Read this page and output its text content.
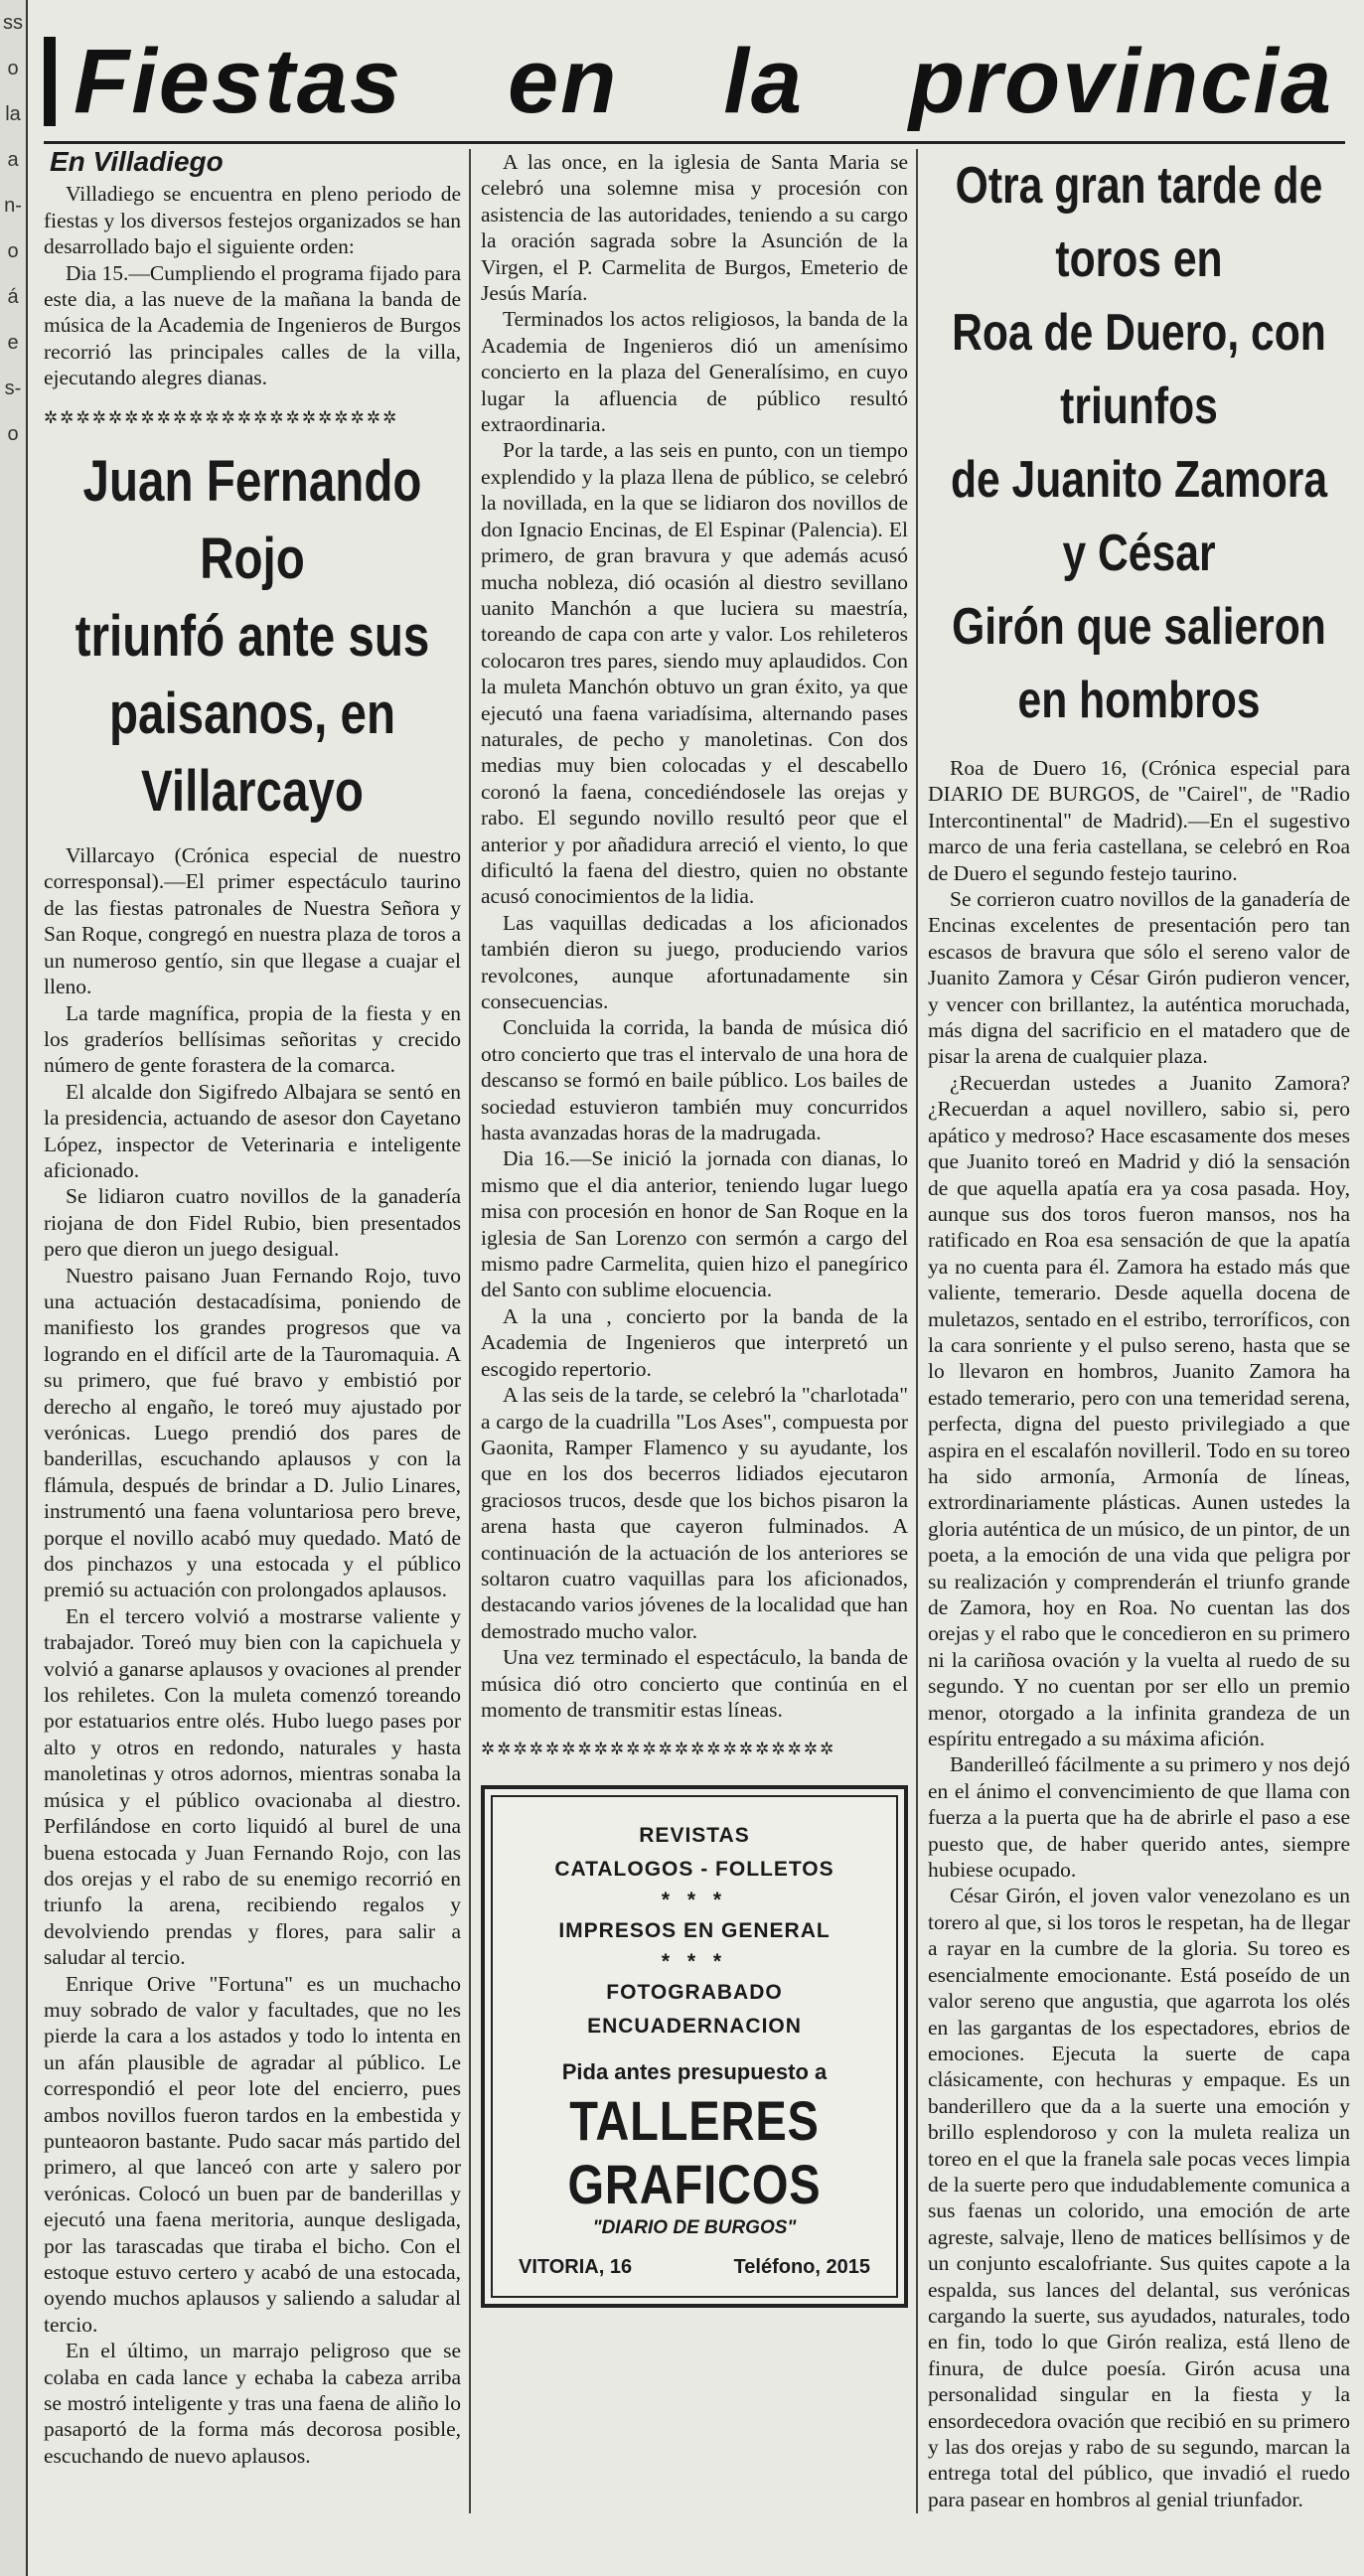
ss
o
la
a
n-
o
á
e
s-
o
Fiestas en la provincia
En Villadiego

Villadiego se encuentra en pleno periodo de fiestas y los diversos festejos organizados se han desarrollado bajo el siguiente orden:

Dia 15.—Cumpliendo el programa fijado para este dia, a las nueve de la mañana la banda de música de la Academia de Ingenieros de Burgos recorrió las principales calles de la villa, ejecutando alegres dianas.

✲✲✲✲✲✲✲✲✲✲✲✲✲✲✲✲✲✲✲✲✲✲
Juan Fernando Rojo
triunfó ante sus
paisanos, en Villarcayo

Villarcayo (Crónica especial de nuestro corresponsal).—El primer espectáculo taurino de las fiestas patronales de Nuestra Señora y San Roque, congregó en nuestra plaza de toros a un numeroso gentío, sin que llegase a cuajar el lleno.

La tarde magnífica, propia de la fiesta y en los graderíos bellísimas señoritas y crecido número de gente forastera de la comarca.

El alcalde don Sigifredo Albajara se sentó en la presidencia, actuando de asesor don Cayetano López, inspector de Veterinaria e inteligente aficionado.

Se lidiaron cuatro novillos de la ganadería riojana de don Fidel Rubio, bien presentados pero que dieron un juego desigual.

Nuestro paisano Juan Fernando Rojo, tuvo una actuación destacadísima, poniendo de manifiesto los grandes progresos que va logrando en el difícil arte de la Tauromaquia. A su primero, que fué bravo y embistió por derecho al engaño, le toreó muy ajustado por verónicas. Luego prendió dos pares de banderillas, escuchando aplausos y con la flámula, después de brindar a D. Julio Linares, instrumentó una faena voluntariosa pero breve, porque el novillo acabó muy quedado. Mató de dos pinchazos y una estocada y el público premió su actuación con prolongados aplausos.

En el tercero volvió a mostrarse valiente y trabajador. Toreó muy bien con la capichuela y volvió a ganarse aplausos y ovaciones al prender los rehiletes. Con la muleta comenzó toreando por estatuarios entre olés. Hubo luego pases por alto y otros en redondo, naturales y hasta manoletinas y otros adornos, mientras sonaba la música y el público ovacionaba al diestro. Perfilándose en corto liquidó al burel de una buena estocada y Juan Fernando Rojo, con las dos orejas y el rabo de su enemigo recorrió en triunfo la arena, recibiendo regalos y devolviendo prendas y flores, para salir a saludar al tercio.

Enrique Orive "Fortuna" es un muchacho muy sobrado de valor y facultades, que no les pierde la cara a los astados y todo lo intenta en un afán plausible de agradar al público. Le correspondió el peor lote del encierro, pues ambos novillos fueron tardos en la embestida y punteaoron bastante. Pudo sacar más partido del primero, al que lanceó con arte y salero por verónicas. Colocó un buen par de banderillas y ejecutó una faena meritoria, aunque desligada, por las tarascadas que tiraba el bicho. Con el estoque estuvo certero y acabó de una estocada, oyendo muchos aplausos y saliendo a saludar al tercio.

En el último, un marrajo peligroso que se colaba en cada lance y echaba la cabeza arriba se mostró inteligente y tras una faena de aliño lo pasaportó de la forma más decorosa posible, escuchando de nuevo aplausos.

A las once, en la iglesia de Santa Maria se celebró una solemne misa y procesión con asistencia de las autoridades, teniendo a su cargo la oración sagrada sobre la Asunción de la Virgen, el P. Carmelita de Burgos, Emeterio de Jesús María.

Terminados los actos religiosos, la banda de la Academia de Ingenieros dió un amenísimo concierto en la plaza del Generalísimo, en cuyo lugar la afluencia de público resultó extraordinaria.

Por la tarde, a las seis en punto, con un tiempo explendido y la plaza llena de público, se celebró la novillada, en la que se lidiaron dos novillos de don Ignacio Encinas, de El Espinar (Palencia). El primero, de gran bravura y que además acusó mucha nobleza, dió ocasión al diestro sevillano uanito Manchón a que luciera su maestría, toreando de capa con arte y valor. Los rehileteros colocaron tres pares, siendo muy aplaudidos. Con la muleta Manchón obtuvo un gran éxito, ya que ejecutó una faena variadísima, alternando pases naturales, de pecho y manoletinas. Con dos medias muy bien colocadas y el descabello coronó la faena, concediéndosele las orejas y rabo. El segundo novillo resultó peor que el anterior y por añadidura arreció el viento, lo que dificultó la faena del diestro, quien no obstante acusó conocimientos de la lidia.

Las vaquillas dedicadas a los aficionados también dieron su juego, produciendo varios revolcones, aunque afortunadamente sin consecuencias.

Concluida la corrida, la banda de música dió otro concierto que tras el intervalo de una hora de descanso se formó en baile público. Los bailes de sociedad estuvieron también muy concurridos hasta avanzadas horas de la madrugada.

Dia 16.—Se inició la jornada con dianas, lo mismo que el dia anterior, teniendo lugar luego misa con procesión en honor de San Roque en la iglesia de San Lorenzo con sermón a cargo del mismo padre Carmelita, quien hizo el panegírico del Santo con sublime elocuencia.

A la una , concierto por la banda de la Academia de Ingenieros que interpretó un escogido repertorio.

A las seis de la tarde, se celebró la "charlotada" a cargo de la cuadrilla "Los Ases", compuesta por Gaonita, Ramper Flamenco y su ayudante, los que en los dos becerros lidiados ejecutaron graciosos trucos, desde que los bichos pisaron la arena hasta que cayeron fulminados. A continuación de la actuación de los anteriores se soltaron cuatro vaquillas para los aficionados, destacando varios jóvenes de la localidad que han demostrado mucho valor.

Una vez terminado el espectáculo, la banda de música dió otro concierto que continúa en el momento de transmitir estas líneas.

✲✲✲✲✲✲✲✲✲✲✲✲✲✲✲✲✲✲✲✲✲✲
REVISTAS
CATALOGOS - FOLLETOS
* * *
IMPRESOS EN GENERAL
* * *
FOTOGRABADO
ENCUADERNACION
Pida antes presupuesto a
TALLERES GRAFICOS
"DIARIO DE BURGOS"
VITORIA, 16	Teléfono, 2015
Otra gran tarde de toros en
Roa de Duero, con triunfos
de Juanito Zamora y César
Girón que salieron en hombros

Roa de Duero 16, (Crónica especial para DIARIO DE BURGOS, de "Cairel", de "Radio Intercontinental" de Madrid).—En el sugestivo marco de una feria castellana, se celebró en Roa de Duero el segundo festejo taurino.

Se corrieron cuatro novillos de la ganadería de Encinas excelentes de presentación pero tan escasos de bravura que sólo el sereno valor de Juanito Zamora y César Girón pudieron vencer, y vencer con brillantez, la auténtica moruchada, más digna del sacrificio en el matadero que de pisar la arena de cualquier plaza.

¿Recuerdan ustedes a Juanito Zamora? ¿Recuerdan a aquel novillero, sabio si, pero apático y medroso? Hace escasamente dos meses que Juanito toreó en Madrid y dió la sensación de que aquella apatía era ya cosa pasada. Hoy, aunque sus dos toros fueron mansos, nos ha ratificado en Roa esa sensación de que la apatía ya no cuenta para él. Zamora ha estado más que valiente, temerario. Desde aquella docena de muletazos, sentado en el estribo, terroríficos, con la cara sonriente y el pulso sereno, hasta que se lo llevaron en hombros, Juanito Zamora ha estado temerario, pero con una temeridad serena, perfecta, digna del puesto privilegiado a que aspira en el escalafón novilleril. Todo en su toreo ha sido armonía, Armonía de líneas, extrordinariamente plásticas. Aunen ustedes la gloria auténtica de un músico, de un pintor, de un poeta, a la emoción de una vida que peligra por su realización y comprenderán el triunfo grande de Zamora, hoy en Roa. No cuentan las dos orejas y el rabo que le concedieron en su primero ni la cariñosa ovación y la vuelta al ruedo de su segundo. Y no cuentan por ser ello un premio menor, otorgado a la infinita grandeza de un espíritu entregado a su máxima afición.

Banderilleó fácilmente a su primero y nos dejó en el ánimo el convencimiento de que llama con fuerza a la puerta que ha de abrirle el paso a ese puesto que, de haber querido antes, siempre hubiese ocupado.

César Girón, el joven valor venezolano es un torero al que, si los toros le respetan, ha de llegar a rayar en la cumbre de la gloria. Su toreo es esencialmente emocionante. Está poseído de un valor sereno que angustia, que agarrota los olés en las gargantas de los espectadores, ebrios de emociones. Ejecuta la suerte de capa clásicamente, con hechuras y empaque. Es un banderillero que da a la suerte una emoción y brillo esplendoroso y con la muleta realiza un toreo en el que la franela sale pocas veces limpia de la suerte pero que indudablemente comunica a sus faenas un colorido, una emoción de arte agreste, salvaje, lleno de matices bellísimos y de un conjunto escalofriante. Sus quites capote a la espalda, sus lances del delantal, sus verónicas cargando la suerte, sus ayudados, naturales, todo en fin, todo lo que Girón realiza, está lleno de finura, de dulce poesía. Girón acusa una personalidad singular en la fiesta y la ensordecedora ovación que recibió en su primero y las dos orejas y rabo de su segundo, marcan la entrega total del público, que invadió el ruedo para pasear en hombros al genial triunfador.
